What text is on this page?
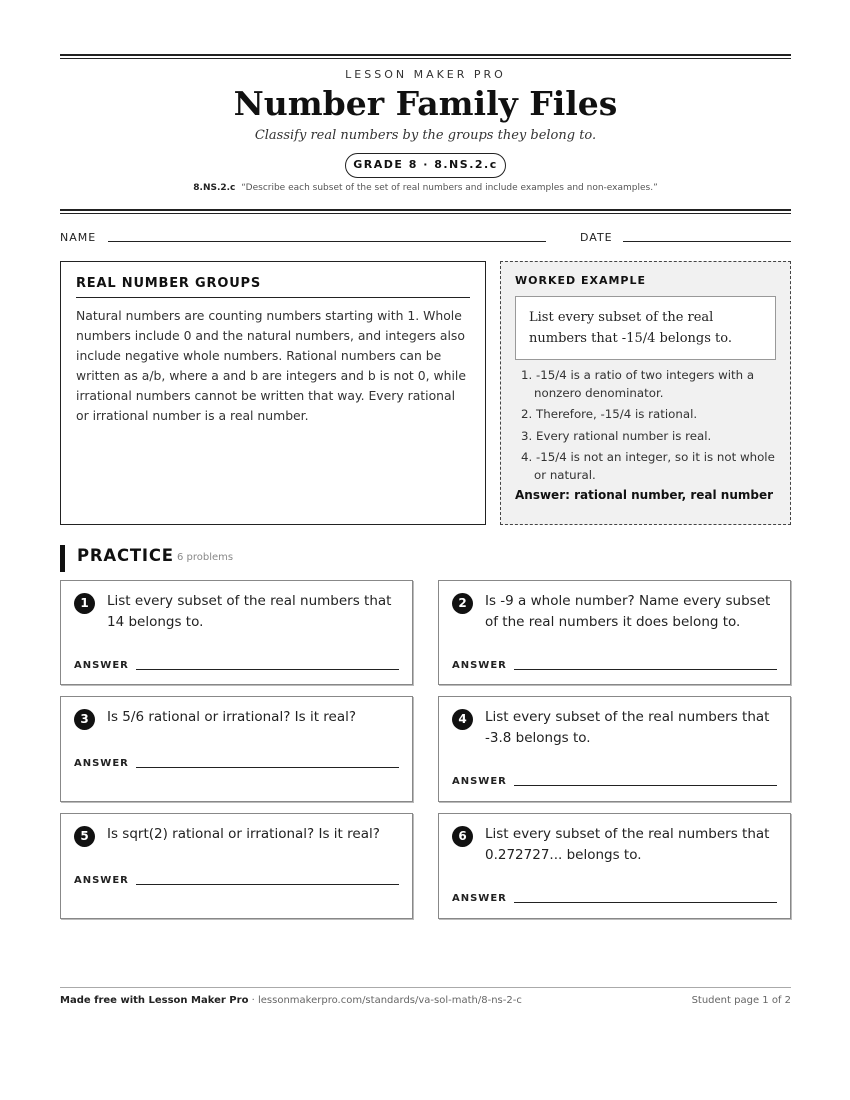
LESSON MAKER PRO
Number Family Files
Classify real numbers by the groups they belong to.
GRADE 8 · 8.NS.2.c
8.NS.2.c “Describe each subset of the set of real numbers and include examples and non-examples.”
NAME	DATE
REAL NUMBER GROUPS
Natural numbers are counting numbers starting with 1. Whole numbers include 0 and the natural numbers, and integers also include negative whole numbers. Rational numbers can be written as a/b, where a and b are integers and b is not 0, while irrational numbers cannot be written that way. Every rational or irrational number is a real number.
WORKED EXAMPLE
List every subset of the real numbers that -15/4 belongs to.
1. -15/4 is a ratio of two integers with a nonzero denominator.
2. Therefore, -15/4 is rational.
3. Every rational number is real.
4. -15/4 is not an integer, so it is not whole or natural.
Answer: rational number, real number
PRACTICE 6 problems
1	List every subset of the real numbers that 14 belongs to.
ANSWER
2	Is -9 a whole number? Name every subset of the real numbers it does belong to.
ANSWER
3	Is 5/6 rational or irrational? Is it real?
ANSWER
4	List every subset of the real numbers that -3.8 belongs to.
ANSWER
5	Is sqrt(2) rational or irrational? Is it real?
ANSWER
6	List every subset of the real numbers that 0.272727... belongs to.
ANSWER
Made free with Lesson Maker Pro · lessonmakerpro.com/standards/va-sol-math/8-ns-2-c	Student page 1 of 2
